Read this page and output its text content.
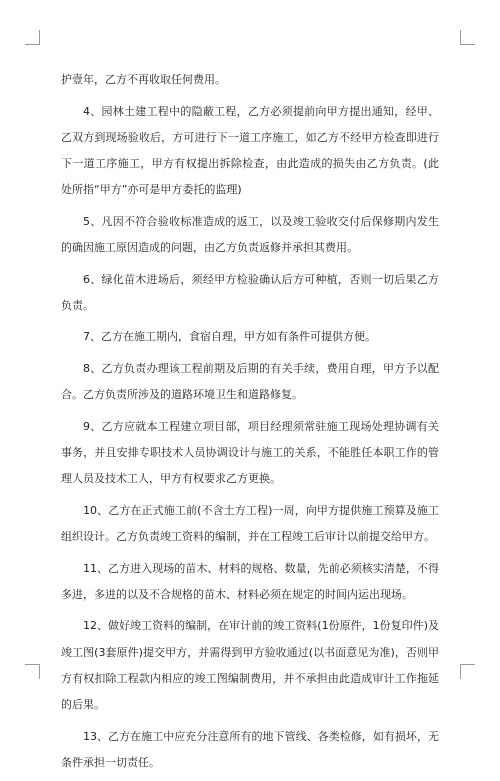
护壹年，乙方不再收取任何费用。

4、园林土建工程中的隐蔽工程，乙方必须提前向甲方提出通知，经甲、乙双方到现场验收后，方可进行下一道工序施工，如乙方不经甲方检查即进行下一道工序施工，甲方有权提出拆除检查，由此造成的损失由乙方负责。(此处所指“甲方”亦可是甲方委托的监理)

5、凡因不符合验收标准造成的返工，以及竣工验收交付后保修期内发生的确因施工原因造成的问题，由乙方负责返修并承担其费用。

6、绿化苗木进场后，须经甲方检验确认后方可种植，否则一切后果乙方负责。

7、乙方在施工期内，食宿自理，甲方如有条件可提供方便。

8、乙方负责办理该工程前期及后期的有关手续，费用自理，甲方予以配合。乙方负责所涉及的道路环境卫生和道路修复。

9、乙方应就本工程建立项目部，项目经理须常驻施工现场处理协调有关事务，并且安排专职技术人员协调设计与施工的关系，不能胜任本职工作的管理人员及技术工人，甲方有权要求乙方更换。

10、乙方在正式施工前(不含土方工程)一周，向甲方提供施工预算及施工组织设计。乙方负责竣工资料的编制，并在工程竣工后审计以前提交给甲方。

11、乙方进入现场的苗木、材料的规格、数量，先前必须核实清楚，不得多进，多进的以及不合规格的苗木、材料必须在规定的时间内运出现场。

12、做好竣工资料的编制，在审计前的竣工资料(1份原件，1份复印件)及竣工图(3套原件)提交甲方，并需得到甲方验收通过(以书面意见为准)，否则甲方有权扣除工程款内相应的竣工图编制费用，并不承担由此造成审计工作拖延的后果。

13、乙方在施工中应充分注意所有的地下管线、各类检修，如有损坏，无条件承担一切责任。
